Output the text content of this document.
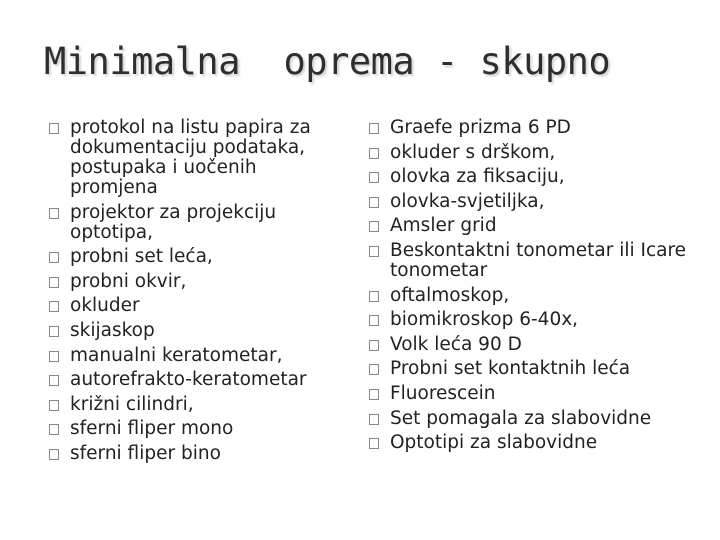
Minimalna  oprema - skupno
protokol na listu papira za dokumentaciju podataka, postupaka i uočenih promjena
projektor za projekciju optotipa,
probni set leća,
probni okvir,
okluder
skijaskop
manualni keratometar,
autorefrakto-keratometar
križni cilindri,
sferni fliper mono
sferni fliper bino
Graefe prizma 6 PD
okluder s drškom,
olovka za fiksaciju,
olovka-svjetiljka,
Amsler grid
Beskontaktni tonometar ili Icare tonometar
oftalmoskop,
biomikroskop 6-40x,
Volk leća 90 D
Probni set kontaktnih leća
Fluorescein
Set pomagala za slabovidne
Optotipi za slabovidne
